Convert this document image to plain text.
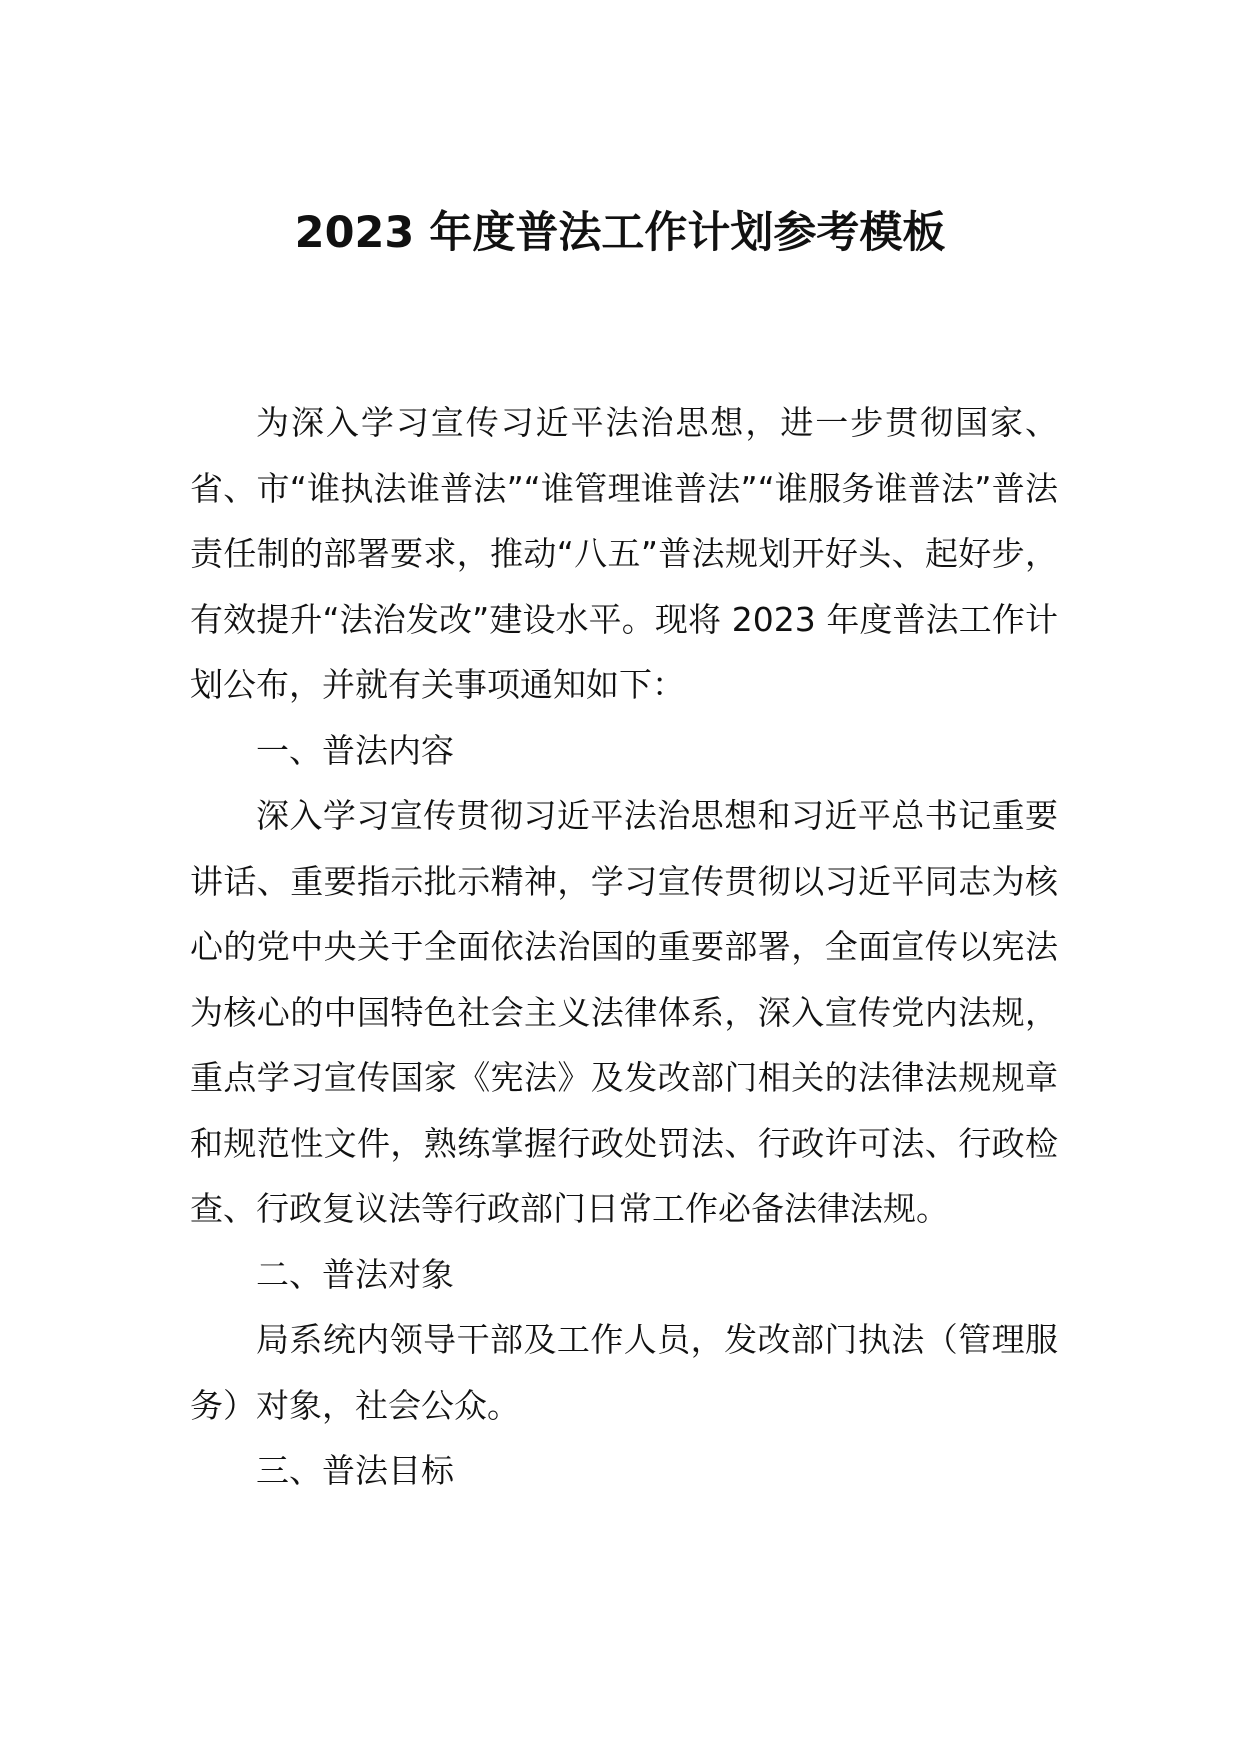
2023 年度普法工作计划参考模板

为深入学习宣传习近平法治思想，进一步贯彻国家、省、市“谁执法谁普法”“谁管理谁普法”“谁服务谁普法”普法责任制的部署要求，推动“八五”普法规划开好头、起好步，有效提升“法治发改”建设水平。现将 2023 年度普法工作计划公布，并就有关事项通知如下：

一、普法内容

深入学习宣传贯彻习近平法治思想和习近平总书记重要讲话、重要指示批示精神，学习宣传贯彻以习近平同志为核心的党中央关于全面依法治国的重要部署，全面宣传以宪法为核心的中国特色社会主义法律体系，深入宣传党内法规，重点学习宣传国家《宪法》及发改部门相关的法律法规规章和规范性文件，熟练掌握行政处罚法、行政许可法、行政检查、行政复议法等行政部门日常工作必备法律法规。

二、普法对象

局系统内领导干部及工作人员，发改部门执法（管理服务）对象，社会公众。

三、普法目标
